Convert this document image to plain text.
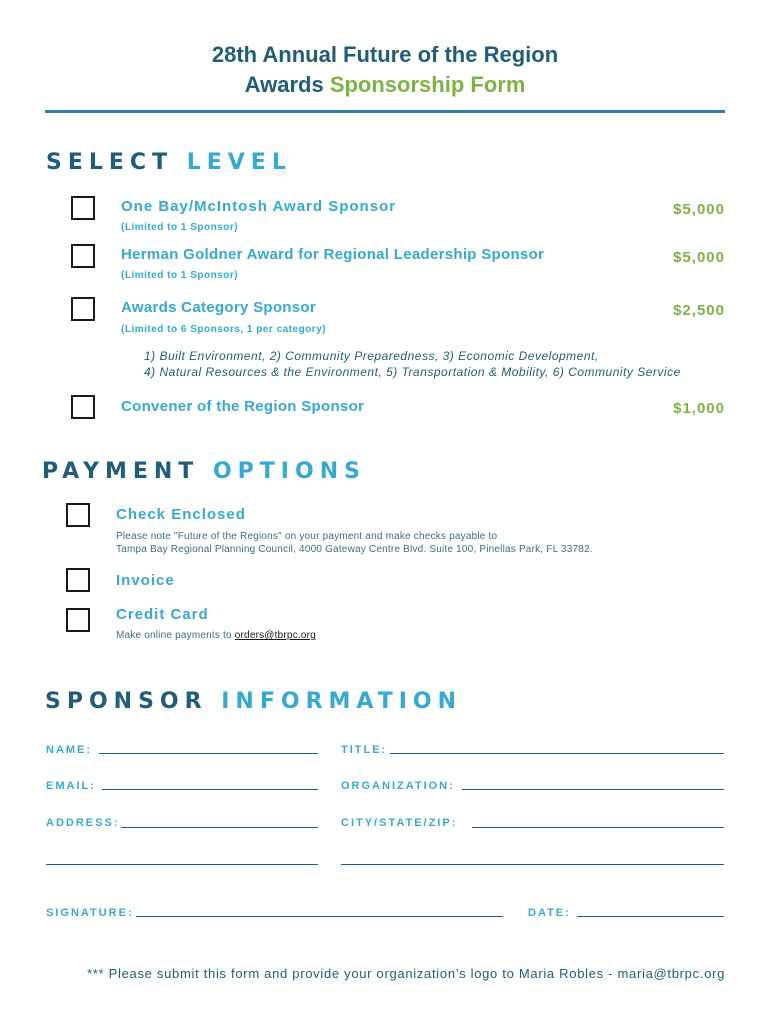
28th Annual Future of the Region
Awards Sponsorship Form
SELECT LEVEL
One Bay/McIntosh Award Sponsor
(Limited to 1 Sponsor)
$5,000
Herman Goldner Award for Regional Leadership Sponsor
(Limited to 1 Sponsor)
$5,000
Awards Category Sponsor
(Limited to 6 Sponsors, 1 per category)
$2,500
1) Built Environment, 2) Community Preparedness, 3) Economic Development,
4) Natural Resources & the Environment, 5) Transportation & Mobility, 6) Community Service
Convener of the Region Sponsor	$1,000
PAYMENT OPTIONS
Check Enclosed
Please note "Future of the Regions" on your payment and make checks payable to
Tampa Bay Regional Planning Council, 4000 Gateway Centre Blvd. Suite 100, Pinellas Park, FL 33782.
Invoice
Credit Card
Make online payments to orders@tbrpc.org
SPONSOR INFORMATION
NAME:	TITLE:
EMAIL:	ORGANIZATION:
ADDRESS:	CITY/STATE/ZIP:
SIGNATURE:	DATE:
*** Please submit this form and provide your organization’s logo to Maria Robles - maria@tbrpc.org
